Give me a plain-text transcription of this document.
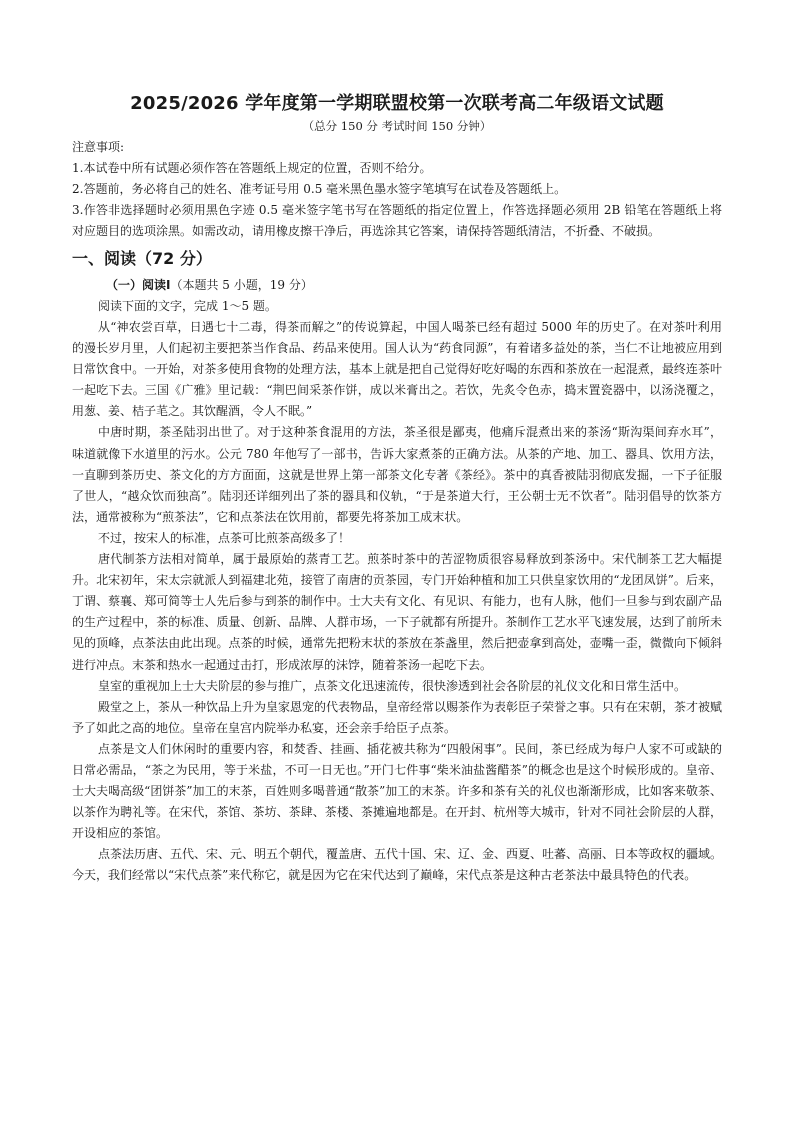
2025/2026 学年度第一学期联盟校第一次联考高二年级语文试题

（总分 150 分 考试时间 150 分钟）

注意事项:

1.本试卷中所有试题必须作答在答题纸上规定的位置，否则不给分。

2.答题前，务必将自己的姓名、准考证号用 0.5 毫米黑色墨水签字笔填写在试卷及答题纸上。

3.作答非选择题时必须用黑色字迹 0.5 毫米签字笔书写在答题纸的指定位置上，作答选择题必须用 2B 铅笔在答题纸上将对应题目的选项涂黑。如需改动，请用橡皮擦干净后，再选涂其它答案，请保持答题纸清洁，不折叠、不破损。

一、阅读（72 分）

（一）阅读Ⅰ（本题共 5 小题，19 分）

阅读下面的文字，完成 1～5 题。

从“神农尝百草，日遇七十二毒，得茶而解之”的传说算起，中国人喝茶已经有超过 5000 年的历史了。在对茶叶利用的漫长岁月里，人们起初主要把茶当作食品、药品来使用。国人认为“药食同源”，有着诸多益处的茶，当仁不让地被应用到日常饮食中。一开始，对茶多使用食物的处理方法，基本上就是把自己觉得好吃好喝的东西和茶放在一起混煮，最终连茶叶一起吃下去。三国《广雅》里记载：“荆巴间采茶作饼，成以米膏出之。若饮，先炙令色赤，捣末置瓷器中，以汤浇覆之，用葱、姜、桔子芼之。其饮醒酒，令人不眠。”

中唐时期，茶圣陆羽出世了。对于这种茶食混用的方法，茶圣很是鄙夷，他痛斥混煮出来的茶汤“斯沟渠间弃水耳”，味道就像下水道里的污水。公元 780 年他写了一部书，告诉大家煮茶的正确方法。从茶的产地、加工、器具、饮用方法，一直聊到茶历史、茶文化的方方面面，这就是世界上第一部茶文化专著《茶经》。茶中的真香被陆羽彻底发掘，一下子征服了世人，“越众饮而独高”。陆羽还详细列出了茶的器具和仪轨，“于是茶道大行，王公朝士无不饮者”。陆羽倡导的饮茶方法，通常被称为“煎茶法”，它和点茶法在饮用前，都要先将茶加工成末状。

不过，按宋人的标准，点茶可比煎茶高级多了！

唐代制茶方法相对简单，属于最原始的蒸青工艺。煎茶时茶中的苦涩物质很容易释放到茶汤中。宋代制茶工艺大幅提升。北宋初年，宋太宗就派人到福建北苑，接管了南唐的贡茶园，专门开始种植和加工只供皇家饮用的“龙团凤饼”。后来，丁谓、蔡襄、郑可简等士人先后参与到茶的制作中。士大夫有文化、有见识、有能力，也有人脉，他们一旦参与到农副产品的生产过程中，茶的标准、质量、创新、品牌、人群市场，一下子就都有所提升。茶制作工艺水平飞速发展，达到了前所未见的顶峰，点茶法由此出现。点茶的时候，通常先把粉末状的茶放在茶盏里，然后把壶拿到高处，壶嘴一歪，微微向下倾斜进行冲点。末茶和热水一起通过击打，形成浓厚的沫饽，随着茶汤一起吃下去。

皇室的重视加上士大夫阶层的参与推广，点茶文化迅速流传，很快渗透到社会各阶层的礼仪文化和日常生活中。

殿堂之上，茶从一种饮品上升为皇家恩宠的代表物品，皇帝经常以赐茶作为表彰臣子荣誉之事。只有在宋朝，茶才被赋予了如此之高的地位。皇帝在皇宫内院举办私宴，还会亲手给臣子点茶。

点茶是文人们休闲时的重要内容，和焚香、挂画、插花被共称为“四般闲事”。民间，茶已经成为每户人家不可或缺的日常必需品，“茶之为民用，等于米盐，不可一日无也。”开门七件事“柴米油盐酱醋茶”的概念也是这个时候形成的。皇帝、士大夫喝高级“团饼茶”加工的末茶，百姓则多喝普通“散茶”加工的末茶。许多和茶有关的礼仪也渐渐形成，比如客来敬茶、以茶作为聘礼等。在宋代，茶馆、茶坊、茶肆、茶楼、茶摊遍地都是。在开封、杭州等大城市，针对不同社会阶层的人群，开设相应的茶馆。

点茶法历唐、五代、宋、元、明五个朝代，覆盖唐、五代十国、宋、辽、金、西夏、吐蕃、高丽、日本等政权的疆域。今天，我们经常以“宋代点茶”来代称它，就是因为它在宋代达到了巅峰，宋代点茶是这种古老茶法中最具特色的代表。
